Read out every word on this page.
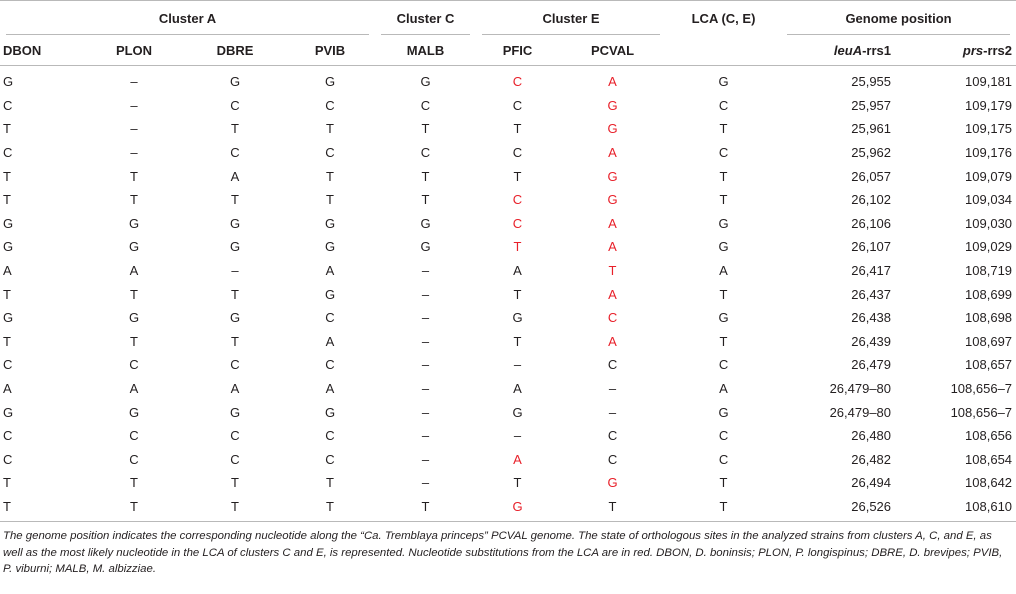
Cluster A				Cluster C	Cluster E		LCA (C, E)	Genome position	
DBON	PLON	DBRE	PVIB	MALB	PFIC	PCVAL		leuA-rrs1	prs-rrs2
G	–	G	G	G	C	A	G	25,955	109,181
C	–	C	C	C	C	G	C	25,957	109,179
T	–	T	T	T	T	G	T	25,961	109,175
C	–	C	C	C	C	A	C	25,962	109,176
T	T	A	T	T	T	G	T	26,057	109,079
T	T	T	T	T	C	G	T	26,102	109,034
G	G	G	G	G	C	A	G	26,106	109,030
G	G	G	G	G	T	A	G	26,107	109,029
A	A	–	A	–	A	T	A	26,417	108,719
T	T	T	G	–	T	A	T	26,437	108,699
G	G	G	C	–	G	C	G	26,438	108,698
T	T	T	A	–	T	A	T	26,439	108,697
C	C	C	C	–	–	C	C	26,479	108,657
A	A	A	A	–	A	–	A	26,479–80	108,656–7
G	G	G	G	–	G	–	G	26,479–80	108,656–7
C	C	C	C	–	–	C	C	26,480	108,656
C	C	C	C	–	A	C	C	26,482	108,654
T	T	T	T	–	T	G	T	26,494	108,642
T	T	T	T	T	G	T	T	26,526	108,610
The genome position indicates the corresponding nucleotide along the “Ca. Tremblaya princeps” PCVAL genome. The state of orthologous sites in the analyzed strains from clusters A, C, and E, as well as the most likely nucleotide in the LCA of clusters C and E, is represented. Nucleotide substitutions from the LCA are in red. DBON, D. boninsis; PLON, P. longispinus; DBRE, D. brevipes; PVIB, P. viburni; MALB, M. albizziae.
